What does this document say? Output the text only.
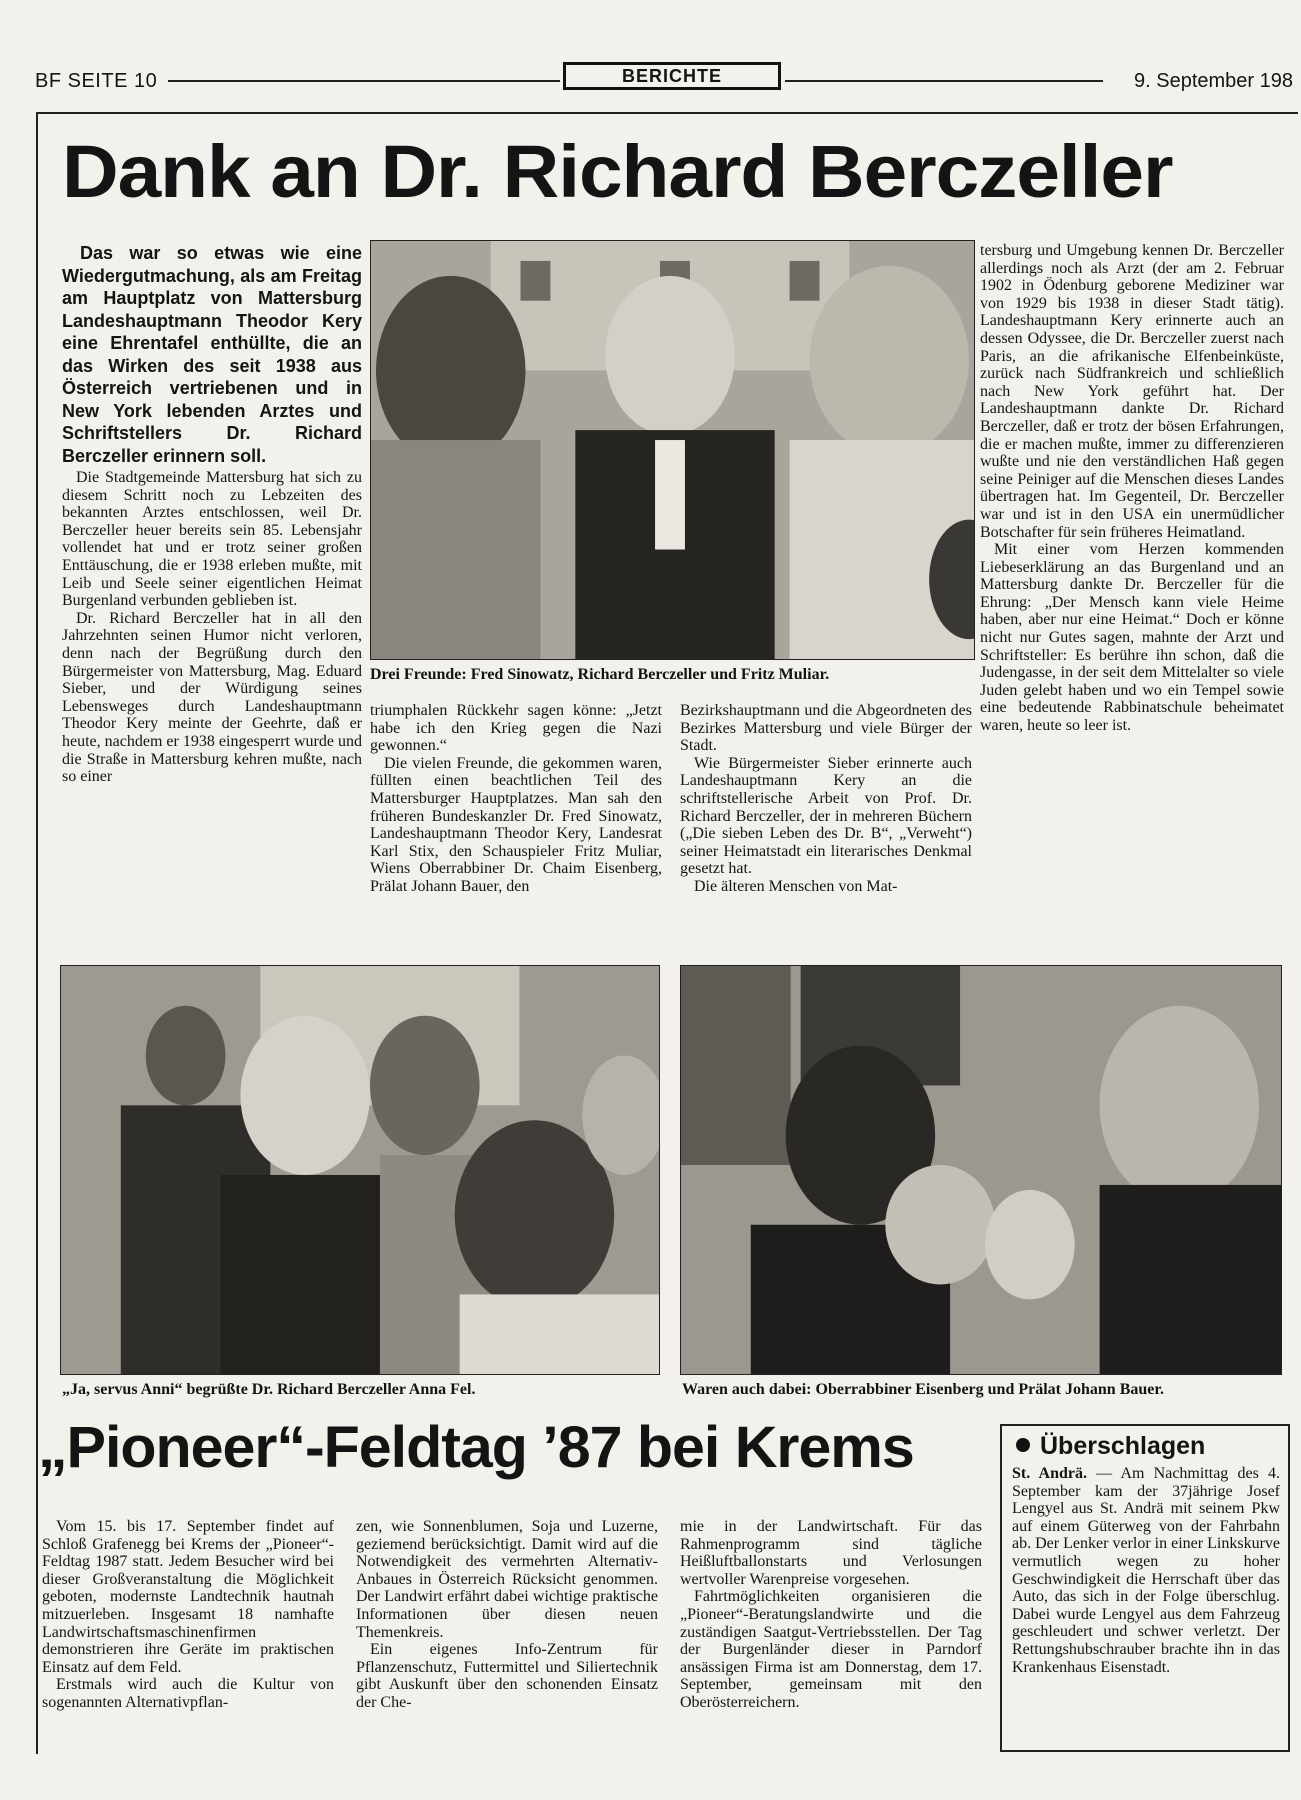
BF SEITE 10	BERICHTE	9. September 198
Dank an Dr. Richard Berczeller
Das war so etwas wie eine Wiedergutmachung, als am Freitag am Hauptplatz von Mattersburg Landeshauptmann Theodor Kery eine Ehrentafel enthüllte, die an das Wirken des seit 1938 aus Österreich vertriebenen und in New York lebenden Arztes und Schriftstellers Dr. Richard Berczeller erinnern soll.

Die Stadtgemeinde Mattersburg hat sich zu diesem Schritt noch zu Lebzeiten des bekannten Arztes entschlossen, weil Dr. Berczeller heuer bereits sein 85. Lebensjahr vollendet hat und er trotz seiner großen Enttäuschung, die er 1938 erleben mußte, mit Leib und Seele seiner eigentlichen Heimat Burgenland verbunden geblieben ist.

Dr. Richard Berczeller hat in all den Jahrzehnten seinen Humor nicht verloren, denn nach der Begrüßung durch den Bürgermeister von Mattersburg, Mag. Eduard Sieber, und der Würdigung seines Lebensweges durch Landeshauptmann Theodor Kery meinte der Geehrte, daß er heute, nachdem er 1938 eingesperrt wurde und die Straße in Mattersburg kehren mußte, nach so einer

Drei Freunde: Fred Sinowatz, Richard Berczeller und Fritz Muliar.

triumphalen Rückkehr sagen könne: „Jetzt habe ich den Krieg gegen die Nazi gewonnen.“

Die vielen Freunde, die gekommen waren, füllten einen beachtlichen Teil des Mattersburger Hauptplatzes. Man sah den früheren Bundeskanzler Dr. Fred Sinowatz, Landeshauptmann Theodor Kery, Landesrat Karl Stix, den Schauspieler Fritz Muliar, Wiens Oberrabbiner Dr. Chaim Eisenberg, Prälat Johann Bauer, den

Bezirkshauptmann und die Abgeordneten des Bezirkes Mattersburg und viele Bürger der Stadt.

Wie Bürgermeister Sieber erinnerte auch Landeshauptmann Kery an die schriftstellerische Arbeit von Prof. Dr. Richard Berczeller, der in mehreren Büchern („Die sieben Leben des Dr. B“, „Verweht“) seiner Heimatstadt ein literarisches Denkmal gesetzt hat.

Die älteren Menschen von Mat-

tersburg und Umgebung kennen Dr. Berczeller allerdings noch als Arzt (der am 2. Februar 1902 in Ödenburg geborene Mediziner war von 1929 bis 1938 in dieser Stadt tätig). Landeshauptmann Kery erinnerte auch an dessen Odyssee, die Dr. Berczeller zuerst nach Paris, an die afrikanische Elfenbeinküste, zurück nach Südfrankreich und schließlich nach New York geführt hat. Der Landeshauptmann dankte Dr. Richard Berczeller, daß er trotz der bösen Erfahrungen, die er machen mußte, immer zu differenzieren wußte und nie den verständlichen Haß gegen seine Peiniger auf die Menschen dieses Landes übertragen hat. Im Gegenteil, Dr. Berczeller war und ist in den USA ein unermüdlicher Botschafter für sein früheres Heimatland.

Mit einer vom Herzen kommenden Liebeserklärung an das Burgenland und an Mattersburg dankte Dr. Berczeller für die Ehrung: „Der Mensch kann viele Heime haben, aber nur eine Heimat.“ Doch er könne nicht nur Gutes sagen, mahnte der Arzt und Schriftsteller: Es berühre ihn schon, daß die Judengasse, in der seit dem Mittelalter so viele Juden gelebt haben und wo ein Tempel sowie eine bedeutende Rabbinatschule beheimatet waren, heute so leer ist.

„Ja, servus Anni“ begrüßte Dr. Richard Berczeller Anna Fel.	Waren auch dabei: Oberrabbiner Eisenberg und Prälat Johann Bauer.
„Pioneer“-Feldtag ’87 bei Krems

Vom 15. bis 17. September findet auf Schloß Grafenegg bei Krems der „Pioneer“-Feldtag 1987 statt. Jedem Besucher wird bei dieser Großveranstaltung die Möglichkeit geboten, modernste Landtechnik hautnah mitzuerleben. Insgesamt 18 namhafte Landwirtschaftsmaschinenfirmen demonstrieren ihre Geräte im praktischen Einsatz auf dem Feld.

Erstmals wird auch die Kultur von sogenannten Alternativpflan-

zen, wie Sonnenblumen, Soja und Luzerne, geziemend berücksichtigt. Damit wird auf die Notwendigkeit des vermehrten Alternativ-Anbaues in Österreich Rücksicht genommen. Der Landwirt erfährt dabei wichtige praktische Informationen über diesen neuen Themenkreis.

Ein eigenes Info-Zentrum für Pflanzenschutz, Futtermittel und Siliertechnik gibt Auskunft über den schonenden Einsatz der Che-

mie in der Landwirtschaft. Für das Rahmenprogramm sind tägliche Heißluftballonstarts und Verlosungen wertvoller Warenpreise vorgesehen.

Fahrtmöglichkeiten organisieren die „Pioneer“-Beratungslandwirte und die zuständigen Saatgut-Vertriebsstellen. Der Tag der Burgenländer dieser in Parndorf ansässigen Firma ist am Donnerstag, dem 17. September, gemeinsam mit den Oberösterreichern.

Überschlagen
St. Andrä. — Am Nachmittag des 4. September kam der 37jährige Josef Lengyel aus St. Andrä mit seinem Pkw auf einem Güterweg von der Fahrbahn ab. Der Lenker verlor in einer Linkskurve vermutlich wegen zu hoher Geschwindigkeit die Herrschaft über das Auto, das sich in der Folge überschlug. Dabei wurde Lengyel aus dem Fahrzeug geschleudert und schwer verletzt. Der Rettungshubschrauber brachte ihn in das Krankenhaus Eisenstadt.
